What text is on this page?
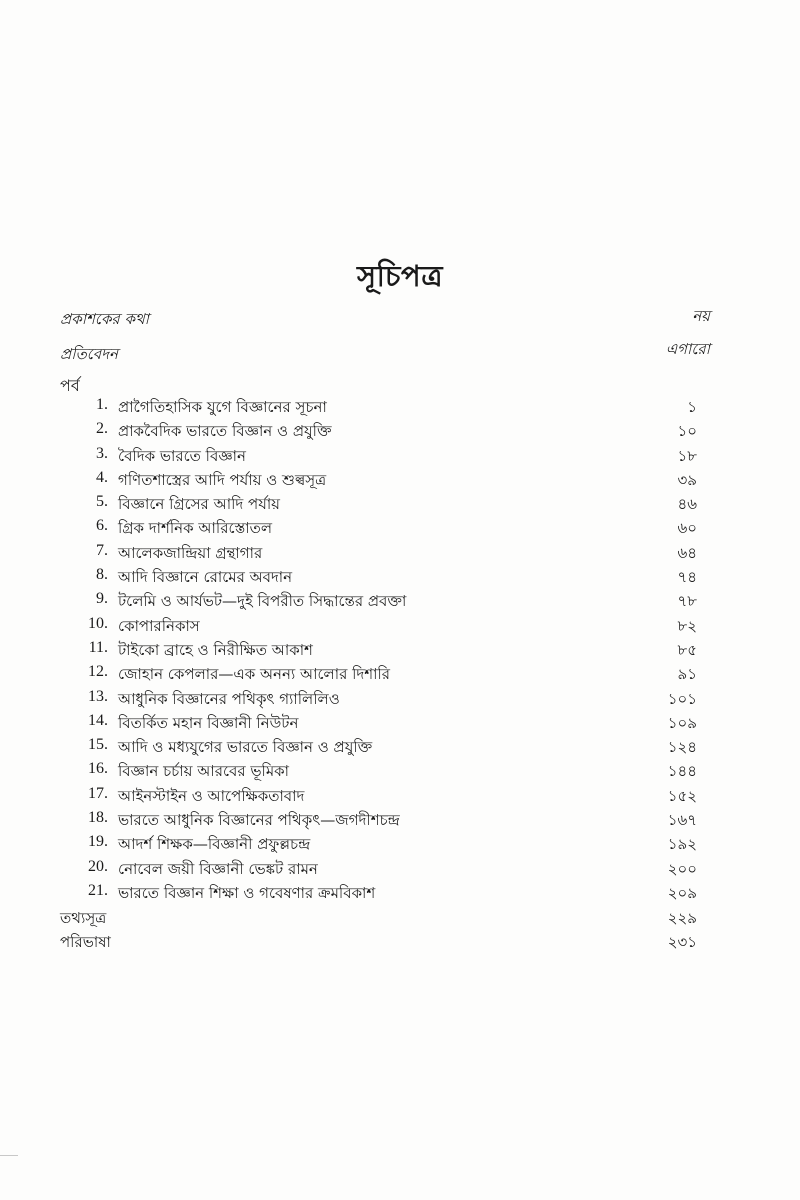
সূচিপত্র
প্রকাশকের কথা	নয়
প্রতিবেদন	এগারো
পর্ব
1. প্রাগৈতিহাসিক যুগে বিজ্ঞানের সূচনা	১
2. প্রাকবৈদিক ভারতে বিজ্ঞান ও প্রযুক্তি	১০
3. বৈদিক ভারতে বিজ্ঞান	১৮
4. গণিতশাস্ত্রের আদি পর্যায় ও শুল্বসূত্র	৩৯
5. বিজ্ঞানে গ্রিসের আদি পর্যায়	৪৬
6. গ্রিক দার্শনিক আরিস্তোতল	৬০
7. আলেকজান্দ্রিয়া গ্রন্থাগার	৬৪
8. আদি বিজ্ঞানে রোমের অবদান	৭৪
9. টলেমি ও আর্যভট—দুই বিপরীত সিদ্ধান্তের প্রবক্তা	৭৮
10. কোপারনিকাস	৮২
11. টাইকো ব্রাহে ও নিরীক্ষিত আকাশ	৮৫
12. জোহান কেপলার—এক অনন্য আলোর দিশারি	৯১
13. আধুনিক বিজ্ঞানের পথিকৃৎ গ্যালিলিও	১০১
14. বিতর্কিত মহান বিজ্ঞানী নিউটন	১০৯
15. আদি ও মধ্যযুগের ভারতে বিজ্ঞান ও প্রযুক্তি	১২৪
16. বিজ্ঞান চর্চায় আরবের ভূমিকা	১৪৪
17. আইনস্টাইন ও আপেক্ষিকতাবাদ	১৫২
18. ভারতে আধুনিক বিজ্ঞানের পথিকৃৎ—জগদীশচন্দ্র	১৬৭
19. আদর্শ শিক্ষক—বিজ্ঞানী প্রফুল্লচন্দ্র	১৯২
20. নোবেল জয়ী বিজ্ঞানী ভেঙ্কট রামন	২০০
21. ভারতে বিজ্ঞান শিক্ষা ও গবেষণার ক্রমবিকাশ	২০৯
তথ্যসূত্র	২২৯
পরিভাষা	২৩১
